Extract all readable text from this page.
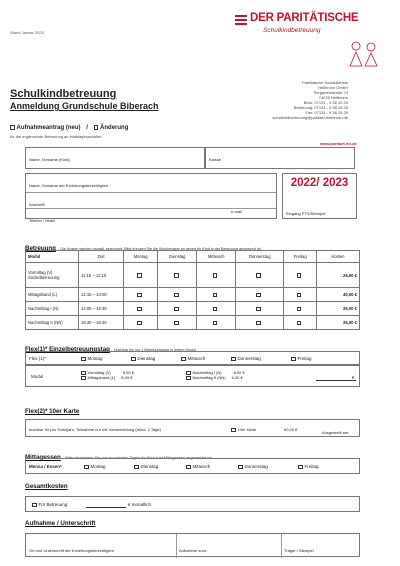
Stand Januar 2023
DER PARITÄTISCHE
Schulkindbetreuung
Paritätische Sozialdienste
Heilbronn GmbH
Tiergartenstraße 74
74076 Heilbronn
Büro: 07131 - 9 38 25 25
Betreuung: 07131 - 9 38 25 25
Fax: 07131 - 9 38 25 29
schulkindbetreuung@paritaet-heilbronn.de
www.paritaet-hn.de
Schulkindbetreuung
Anmeldung Grundschule Biberach
Aufnahmeantrag (neu) / Änderung
für die ergänzende Betreuung an Halbtagesschulen
Name, Vorname (Kind)	Klasse
Name, Vorname der Erziehungsberechtigten
Anschrift
Telefon / Mobil
e-mail
2022/ 2023
Eingang PTS/Stempel
Betreuung Die Kosten werden monatl. berechnet. Bitte kreuzen Sie die Wochentage an denen Ihr Kind in der Betreuung anwesend ist.
Modul	Zeit	Montag	Dienstag	Mittwoch	Donnerstag	Freitag	Kosten
Vormittag (V) Sockelbetreuung	11:15 – 12:15						26,00 €
Mittagsband (L)	12:15 – 14:00						40,00 €
Nachmittag I (N)	14:00 – 15:30						26,00 €
Nachmittag II (NN)	15:30 – 16:30						26,00 €
Flex(1)* Einzelbetreuungstag buchbar für nur 1 Betreuungstag in jedem Modul
Flex (1)*	Montag	Dienstag	Mittwoch	Donnerstag	Freitag
Modul
Vormittag (V)	6,00 €
Mittagsband (L) 8,00 €
Nachmittag I (N)	6,00 €
Nachmittag II (NN) 6,00 €	€
Flex(2)* 10er Karte
buchbar für pro Schuljahr, Teilnahme nur mit Voranmeldung (mind. 2 Tage)	10er Karte	60,00 €
Ausgestellt am:
Mittagessen Bitte informieren Sie uns an welchen Tagen Ihr Kind zum Mittagessen angemeldet ist:
Mensa / Essen*	Montag	Dienstag	Mittwoch	Donnerstag	Freitag
Gesamtkosten
Für Betreuung	€ monatlich
Aufnahme / Unterschrift
Ort und Unterschrift der Erziehungsberechtigten	Aufnahme zum:	Träger / Stempel
